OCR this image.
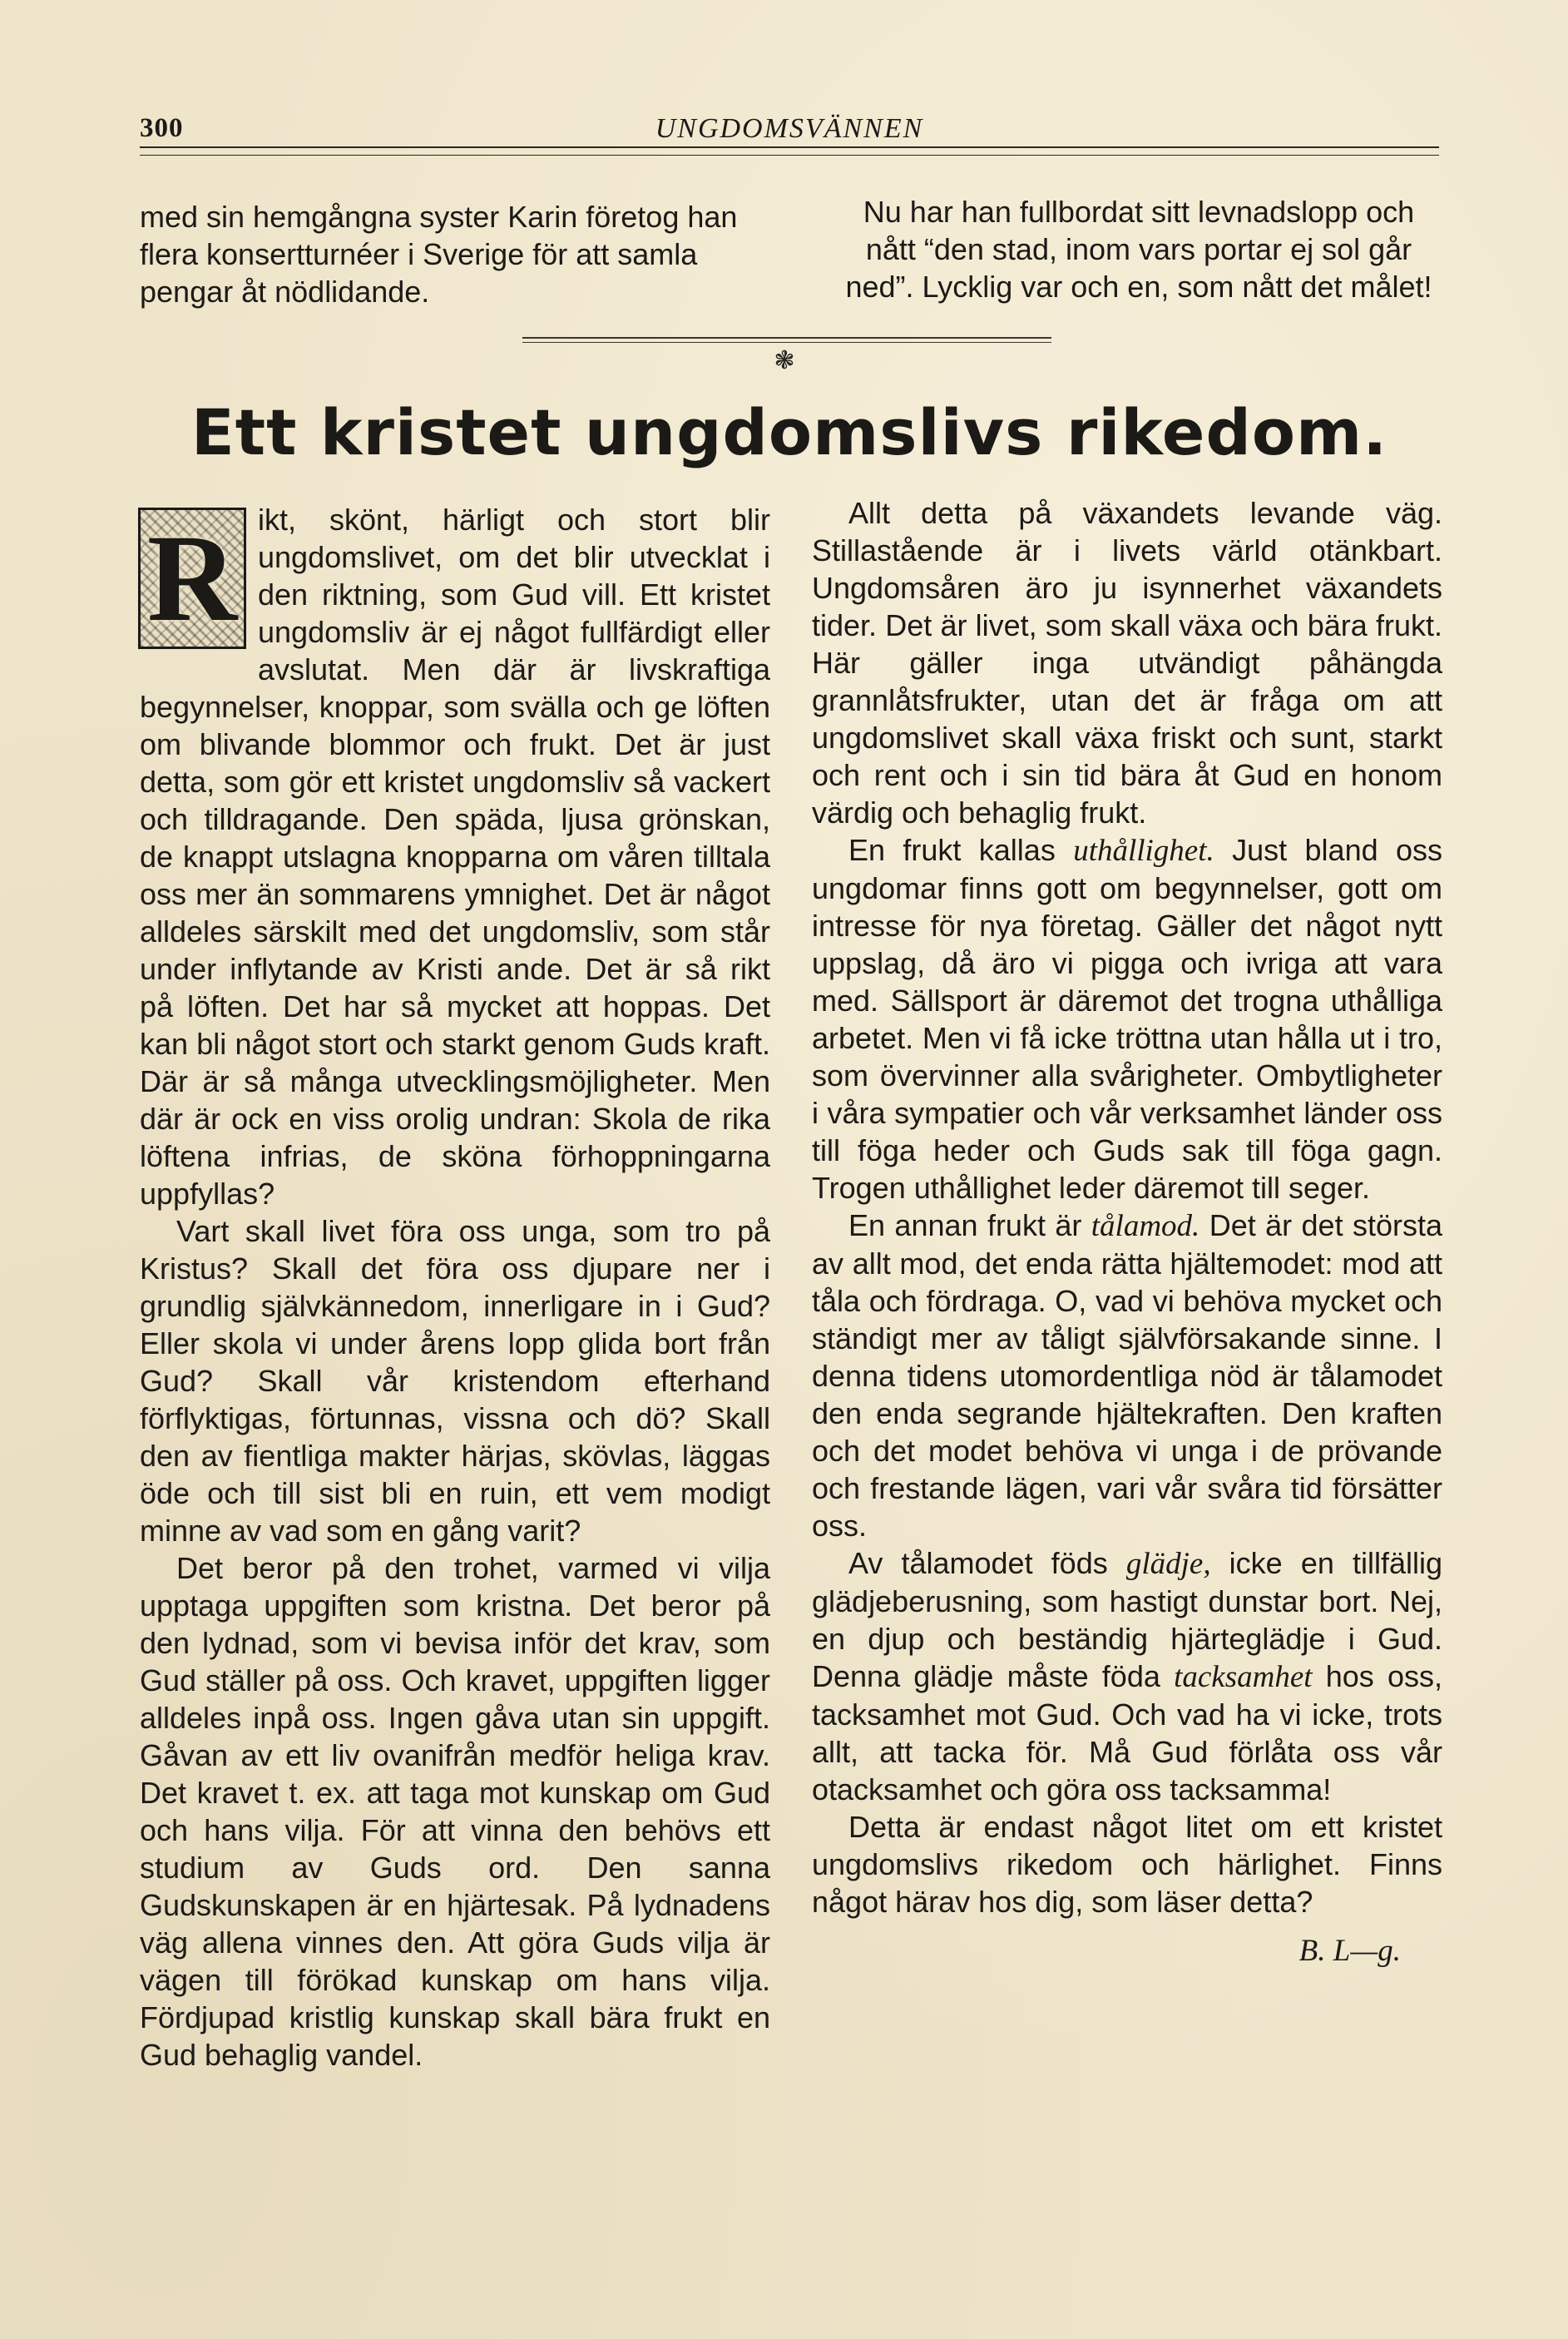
300	UNGDOMSVÄNNEN

med sin hemgångna syster Karin företog han flera konsertturnéer i Sverige för att samla pengar åt nödlidande.

Nu har han fullbordat sitt levnadslopp och nått “den stad, inom vars portar ej sol går ned”. Lycklig var och en, som nått det målet!

❃
Ett kristet ungdomslivs rikedom.

R ikt, skönt, härligt och stort blir ungdomslivet, om det blir utvecklat i den riktning, som Gud vill. Ett kristet ungdomsliv är ej något fullfärdigt eller avslutat. Men där är livskraftiga begynnelser, knoppar, som svälla och ge löften om blivande blommor och frukt. Det är just detta, som gör ett kristet ungdomsliv så vackert och tilldragande. Den späda, ljusa grönskan, de knappt utslagna knopparna om våren tilltala oss mer än sommarens ymnighet. Det är något alldeles särskilt med det ungdomsliv, som står under inflytande av Kristi ande. Det är så rikt på löften. Det har så mycket att hoppas. Det kan bli något stort och starkt genom Guds kraft. Där är så många utvecklingsmöjligheter. Men där är ock en viss orolig undran: Skola de rika löftena infrias, de sköna förhoppningarna uppfyllas?

Vart skall livet föra oss unga, som tro på Kristus? Skall det föra oss djupare ner i grundlig självkännedom, innerligare in i Gud? Eller skola vi under årens lopp glida bort från Gud? Skall vår kristendom efterhand förflyktigas, förtunnas, vissna och dö? Skall den av fientliga makter härjas, skövlas, läggas öde och till sist bli en ruin, ett vem modigt minne av vad som en gång varit?

Det beror på den trohet, varmed vi vilja upptaga uppgiften som kristna. Det beror på den lydnad, som vi bevisa inför det krav, som Gud ställer på oss. Och kravet, uppgiften ligger alldeles inpå oss. Ingen gåva utan sin uppgift. Gåvan av ett liv ovanifrån medför heliga krav. Det kravet t. ex. att taga mot kunskap om Gud och hans vilja. För att vinna den behövs ett studium av Guds ord. Den sanna Gudskunskapen är en hjärtesak. På lydnadens väg allena vinnes den. Att göra Guds vilja är vägen till förökad kunskap om hans vilja. Fördjupad kristlig kunskap skall bära frukt en Gud behaglig vandel.

Allt detta på växandets levande väg. Stillastående är i livets värld otänkbart. Ungdomsåren äro ju isynnerhet växandets tider. Det är livet, som skall växa och bära frukt. Här gäller inga utvändigt påhängda grannlåtsfrukter, utan det är fråga om att ungdomslivet skall växa friskt och sunt, starkt och rent och i sin tid bära åt Gud en honom värdig och behaglig frukt.

En frukt kallas uthållighet. Just bland oss ungdomar finns gott om begynnelser, gott om intresse för nya företag. Gäller det något nytt uppslag, då äro vi pigga och ivriga att vara med. Sällsport är däremot det trogna uthålliga arbetet. Men vi få icke tröttna utan hålla ut i tro, som övervinner alla svårigheter. Ombytligheter i våra sympatier och vår verksamhet länder oss till föga heder och Guds sak till föga gagn. Trogen uthållighet leder däremot till seger.

En annan frukt är tålamod. Det är det största av allt mod, det enda rätta hjältemodet: mod att tåla och fördraga. O, vad vi behöva mycket och ständigt mer av tåligt självförsakande sinne. I denna tidens utomordentliga nöd är tålamodet den enda segrande hjältekraften. Den kraften och det modet behöva vi unga i de prövande och frestande lägen, vari vår svåra tid försätter oss.

Av tålamodet föds glädje, icke en tillfällig glädjeberusning, som hastigt dunstar bort. Nej, en djup och beständig hjärteglädje i Gud. Denna glädje måste föda tacksamhet hos oss, tacksamhet mot Gud. Och vad ha vi icke, trots allt, att tacka för. Må Gud förlåta oss vår otacksamhet och göra oss tacksamma!

Detta är endast något litet om ett kristet ungdomslivs rikedom och härlighet. Finns något härav hos dig, som läser detta?

B. L—g.
